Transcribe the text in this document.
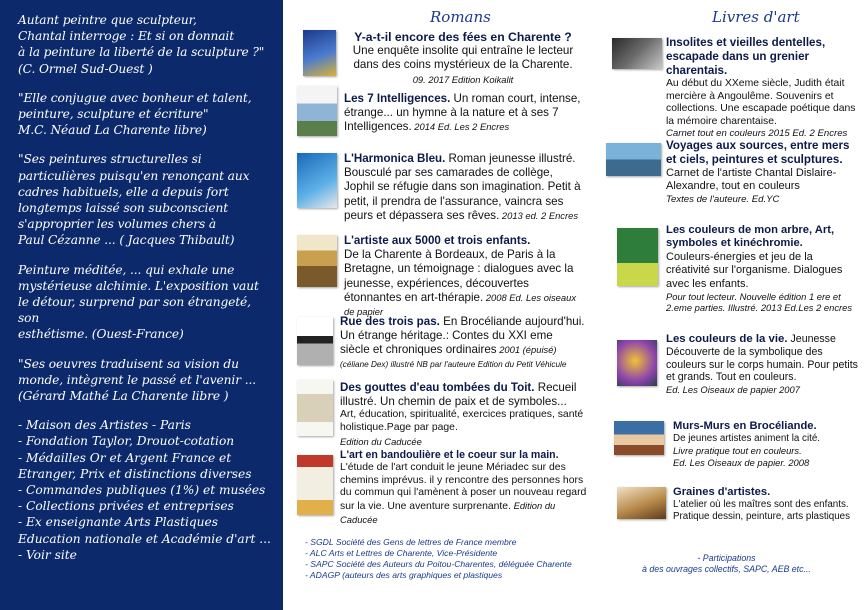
Autant peintre que sculpteur,
Chantal interroge : Et si on donnait
à la peinture la liberté de la sculpture ?"
(C. Ormel Sud-Ouest )
"Elle conjugue avec bonheur et talent,
peinture, sculpture et écriture"
M.C. Néaud La Charente libre)
"Ses peintures structurelles si
particulières puisqu'en renonçant aux
cadres habituels, elle a depuis fort
longtemps laissé son subconscient
s'approprier les volumes chers à
Paul Cézanne ... ( Jacques Thibault)
Peinture méditée, ... qui exhale une
mystérieuse alchimie. L'exposition vaut
le détour, surprend par son étrangeté, son
esthétisme. (Ouest-France)
"Ses oeuvres traduisent sa vision du
monde, intègrent le passé et l'avenir ...
(Gérard Mathé La Charente libre )
- Maison des Artistes - Paris
- Fondation Taylor, Drouot-cotation
- Médailles Or et Argent France et
Etranger, Prix et distinctions diverses
- Commandes publiques (1%) et musées
- Collections privées et entreprises
- Ex enseignante Arts Plastiques
Education nationale et Académie d'art ...
- Voir site
Romans	Livres d'art
Y-a-t-il encore des fées en Charente ?
Une enquête insolite qui entraîne le lecteur
dans des coins mystérieux de la Charente.
09. 2017 Edition Koikalit
Les 7 Intelligences. Un roman court, intense, étrange... un hymne à la nature et à ses 7 Intelligences. 2014 Ed. Les 2 Encres
L'Harmonica Bleu. Roman jeunesse illustré. Bousculé par ses camarades de collège, Jophil se réfugie dans son imagination. Petit à petit, il prendra de l'assurance, vaincra ses peurs et dépassera ses rêves. 2013 ed. 2 Encres
L'artiste aux 5000 et trois enfants.
De la Charente à Bordeaux, de Paris à la Bretagne, un témoignage : dialogues avec la jeunesse, expériences, découvertes étonnantes en art-thérapie. 2008 Ed. Les oiseaux de papier
Rue des trois pas. En Brocéliande aujourd'hui. Un étrange héritage.: Contes du XXI eme siècle et chroniques ordinaires 2001 (épuisé)
(céliane Dex) illustré NB par l'auteure Edition du Petit Véhicule
Des gouttes d'eau tombées du Toit. Recueil illustré. Un chemin de paix et de symboles...
Art, éducation, spiritualité, exercices pratiques, santé holistique.Page par page.
Edition du Caducée
L'art en bandoulière et le coeur sur la main.
L'étude de l'art conduit le jeune Mériadec sur des chemins imprévus. il y rencontre des personnes hors du commun qui l'amènent à poser un nouveau regard sur la vie. Une aventure surprenante. Edition du Caducée
- SGDL Société des Gens de lettres de France membre
- ALC Arts et Lettres de Charente, Vice-Présidente
- SAPC Société des Auteurs du Poitou-Charentes, déléguée Charente
- ADAGP (auteurs des arts graphiques et plastiques
Insolites et vieilles dentelles, escapade dans un grenier charentais.
Au début du XXeme siècle, Judith était mercière à Angoulême. Souvenirs et collections. Une escapade poétique dans la mémoire charentaise.
Carnet tout en couleurs 2015 Ed. 2 Encres
Voyages aux sources, entre mers et ciels, peintures et sculptures.
Carnet de l'artiste Chantal Dislaire-Alexandre, tout en couleurs
Textes de l'auteure. Ed.YC
Les couleurs de mon arbre, Art, symboles et kinéchromie.
Couleurs-énergies et jeu de la créativité sur l'organisme. Dialogues avec les enfants.
Pour tout lecteur. Nouvelle édition 1 ere et 2.eme parties. Illustré. 2013 Ed.Les 2 encres
Les couleurs de la vie. Jeunesse Découverte de la symbolique des couleurs sur le corps humain. Pour petits et grands. Tout en couleurs.
Ed. Les Oiseaux de papier 2007
Murs-Murs en Brocéliande.
De jeunes artistes animent la cité.
Livre pratique tout en couleurs.
Ed. Les Oiseaux de papier. 2008
Graines d'artistes.
L'atelier où les maîtres sont des enfants. Pratique dessin, peinture, arts plastiques
- Participations
à des ouvrages collectifs, SAPC, AEB etc...
